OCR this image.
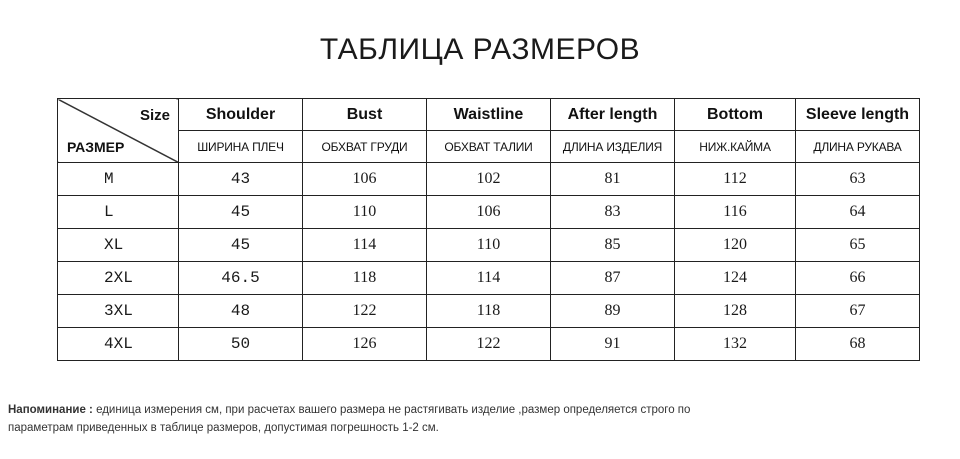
ТАБЛИЦА РАЗМЕРОВ
Size
РАЗМЕР	Shoulder	Bust	Waistline	After length	Bottom	Sleeve length
	ШИРИНА ПЛЕЧ	ОБХВАТ ГРУДИ	ОБХВАТ ТАЛИИ	ДЛИНА ИЗДЕЛИЯ	НИЖ.КАЙМА	ДЛИНА РУКАВА
M	43	106	102	81	112	63
L	45	110	106	83	116	64
XL	45	114	110	85	120	65
2XL	46.5	118	114	87	124	66
3XL	48	122	118	89	128	67
4XL	50	126	122	91	132	68
Напоминание : единица измерения см, при расчетах вашего размера не растягивать изделие ,размер определяется строго по
параметрам приведенных в таблице размеров, допустимая погрешность 1-2 см.
